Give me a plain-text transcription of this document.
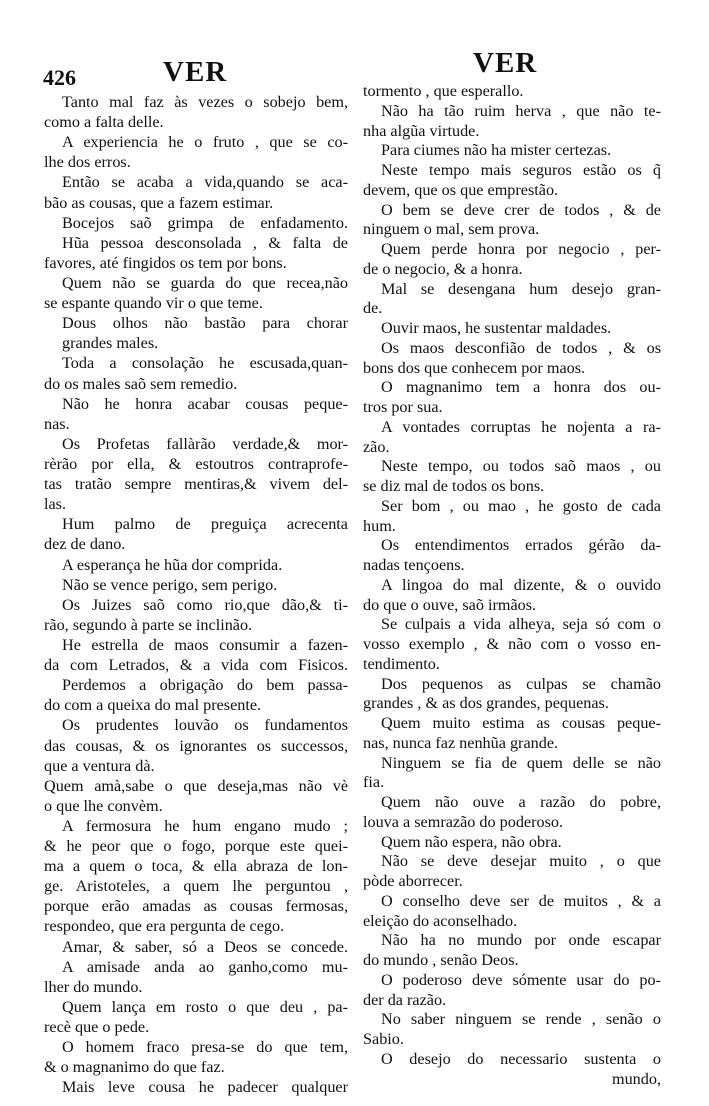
426	VER	VER
Tanto mal faz às vezes o sobejo bem,
como a falta delle.
A experiencia he o fruto , que se co-
lhe dos erros.
Então se acaba a vida,quando se aca-
bão as cousas, que a fazem estimar.
Bocejos saõ grimpa de enfadamento.
Hũa pessoa desconsolada , & falta de
favores, até fingidos os tem por bons.
Quem não se guarda do que recea,não
se espante quando vir o que teme.
Dous olhos não bastão para chorar
grandes males.
Toda a consolação he escusada,quan-
do os males saõ sem remedio.
Não he honra acabar cousas peque-
nas.
Os Profetas fallàrão verdade,& mor-
rèrão por ella, & estoutros contraprofe-
tas tratão sempre mentiras,& vivem del-
las.
Hum palmo de preguiça acrecenta
dez de dano.
A esperança he hũa dor comprida.
Não se vence perigo, sem perigo.
Os Juizes saõ como rio,que dão,& ti-
rão, segundo à parte se inclinão.
He estrella de maos consumir a fazen-
da com Letrados, & a vida com Fisicos.
Perdemos a obrigação do bem passa-
do com a queixa do mal presente.
Os prudentes louvão os fundamentos
das cousas, & os ignorantes os successos,
que a ventura dà.
Quem amà,sabe o que deseja,mas não vè
o que lhe convèm.
A fermosura he hum engano mudo ;
& he peor que o fogo, porque este quei-
ma a quem o toca, & ella abraza de lon-
ge. Aristoteles, a quem lhe perguntou ,
porque erão amadas as cousas fermosas,
respondeo, que era pergunta de cego.
Amar, & saber, só a Deos se concede.
A amisade anda ao ganho,como mu-
lher do mundo.
Quem lança em rosto o que deu , pa-
recè que o pede.
O homem fraco presa-se do que tem,
& o magnanimo do que faz.
Mais leve cousa he padecer qualquer
tormento , que esperallo.
Não ha tão ruim herva , que não te-
nha algũa virtude.
Para ciumes não ha mister certezas.
Neste tempo mais seguros estão os q̃
devem, que os que emprestão.
O bem se deve crer de todos , & de
ninguem o mal, sem prova.
Quem perde honra por negocio , per-
de o negocio, & a honra.
Mal se desengana hum desejo gran-
de.
Ouvir maos, he sustentar maldades.
Os maos desconfião de todos , & os
bons dos que conhecem por maos.
O magnanimo tem a honra dos ou-
tros por sua.
A vontades corruptas he nojenta a ra-
zão.
Neste tempo, ou todos saõ maos , ou
se diz mal de todos os bons.
Ser bom , ou mao , he gosto de cada
hum.
Os entendimentos errados gérão da-
nadas tençoens.
A lingoa do mal dizente, & o ouvido
do que o ouve, saõ irmãos.
Se culpais a vida alheya, seja só com o
vosso exemplo , & não com o vosso en-
tendimento.
Dos pequenos as culpas se chamão
grandes , & as dos grandes, pequenas.
Quem muito estima as cousas peque-
nas, nunca faz nenhũa grande.
Ninguem se fia de quem delle se não
fia.
Quem não ouve a razão do pobre,
louva a semrazão do poderoso.
Quem não espera, não obra.
Não se deve desejar muito , o que
pòde aborrecer.
O conselho deve ser de muitos , & a
eleição do aconselhado.
Não ha no mundo por onde escapar
do mundo , senão Deos.
O poderoso deve sómente usar do po-
der da razão.
No saber ninguem se rende , senão o
Sabio.
O desejo do necessario sustenta o
mundo,
